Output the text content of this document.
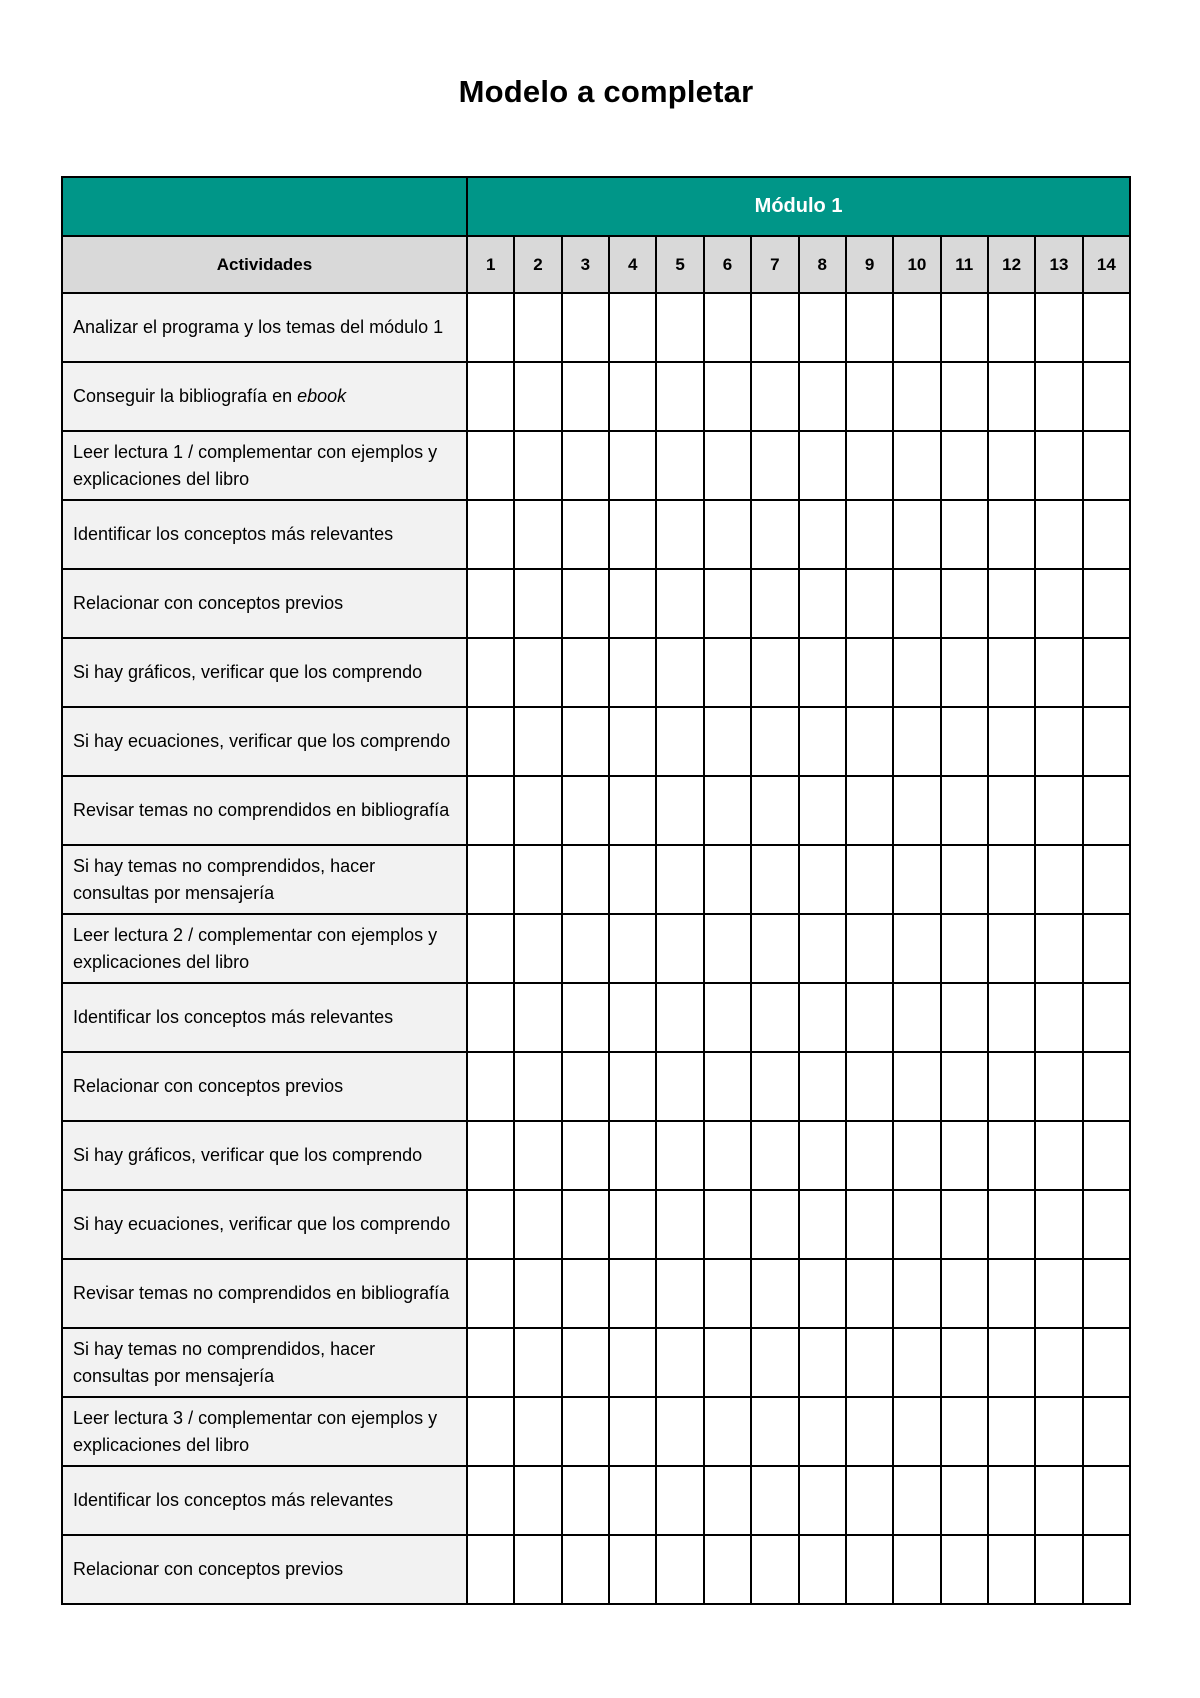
Modelo a completar
	Módulo 1													
Actividades	1	2	3	4	5	6	7	8	9	10	11	12	13	14
Analizar el programa y los temas del módulo 1														
Conseguir la bibliografía en ebook														
Leer lectura 1 / complementar con ejemplos y explicaciones del libro														
Identificar los conceptos más relevantes														
Relacionar con conceptos previos														
Si hay gráficos, verificar que los comprendo														
Si hay ecuaciones, verificar que los comprendo														
Revisar temas no comprendidos en bibliografía														
Si hay temas no comprendidos, hacer consultas por mensajería														
Leer lectura 2 / complementar con ejemplos y explicaciones del libro														
Identificar los conceptos más relevantes														
Relacionar con conceptos previos														
Si hay gráficos, verificar que los comprendo														
Si hay ecuaciones, verificar que los comprendo														
Revisar temas no comprendidos en bibliografía														
Si hay temas no comprendidos, hacer consultas por mensajería														
Leer lectura 3 / complementar con ejemplos y explicaciones del libro														
Identificar los conceptos más relevantes														
Relacionar con conceptos previos														
